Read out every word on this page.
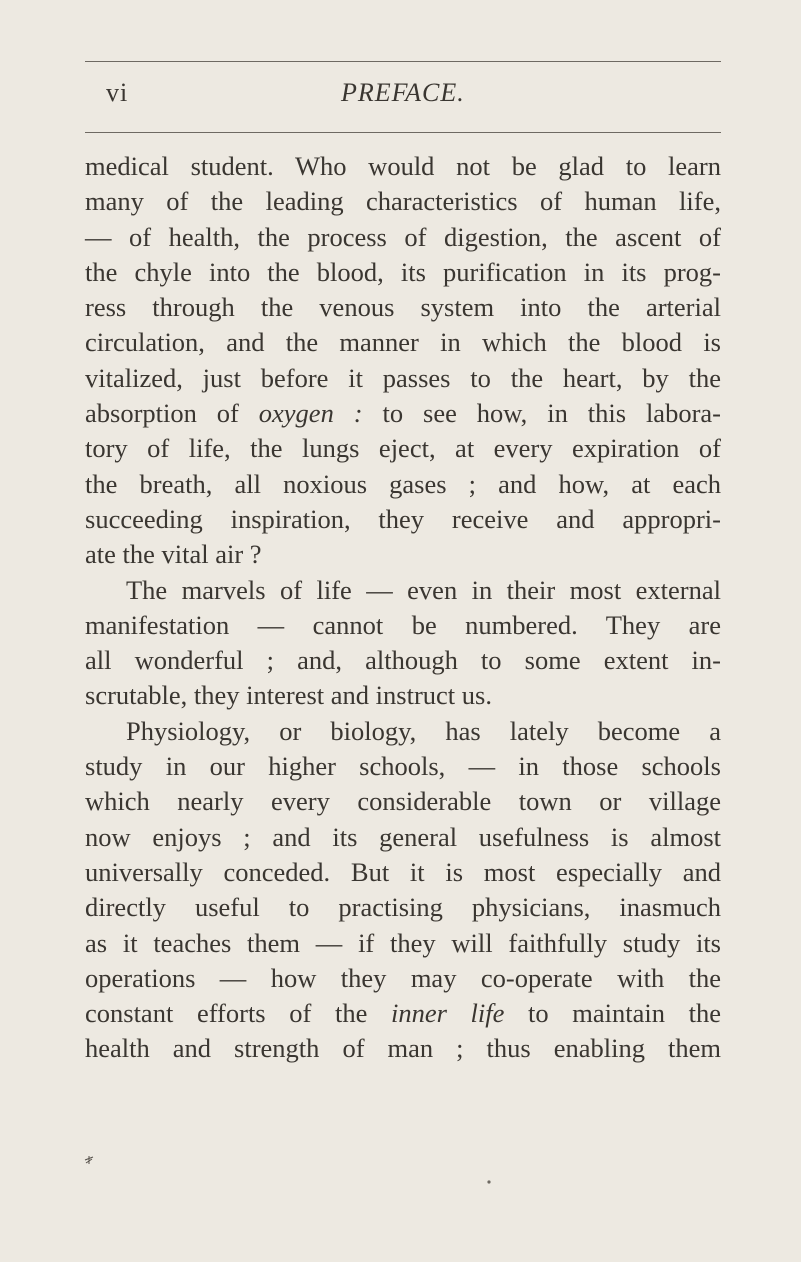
vi	PREFACE.
medical student. Who would not be glad to learn
many of the leading characteristics of human life,
— of health, the process of digestion, the ascent of
the chyle into the blood, its purification in its prog-
ress through the venous system into the arterial
circulation, and the manner in which the blood is
vitalized, just before it passes to the heart, by the
absorption of oxygen : to see how, in this labora-
tory of life, the lungs eject, at every expiration of
the breath, all noxious gases ; and how, at each
succeeding inspiration, they receive and appropri-
ate the vital air ?
The marvels of life — even in their most external
manifestation — cannot be numbered. They are
all wonderful ; and, although to some extent in-
scrutable, they interest and instruct us.
Physiology, or biology, has lately become a
study in our higher schools, — in those schools
which nearly every considerable town or village
now enjoys ; and its general usefulness is almost
universally conceded. But it is most especially and
directly useful to practising physicians, inasmuch
as it teaches them — if they will faithfully study its
operations — how they may co-operate with the
constant efforts of the inner life to maintain the
health and strength of man ; thus enabling them
